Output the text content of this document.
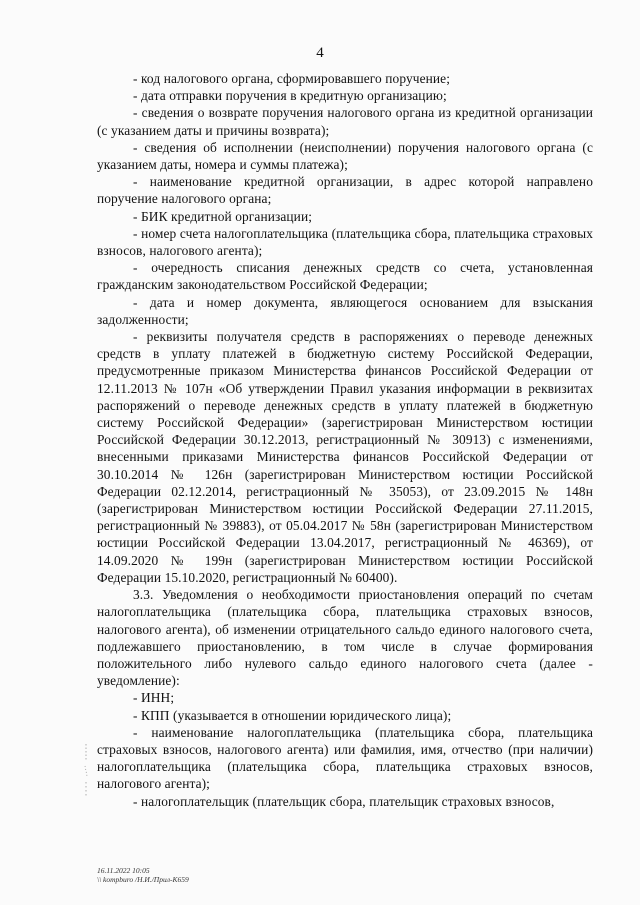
4

- код налогового органа, сформировавшего поручение;

- дата отправки поручения в кредитную организацию;

- сведения о возврате поручения налогового органа из кредитной организации (с указанием даты и причины возврата);

- сведения об исполнении (неисполнении) поручения налогового органа (с указанием даты, номера и суммы платежа);

- наименование кредитной организации, в адрес которой направлено поручение налогового органа;

- БИК кредитной организации;

- номер счета налогоплательщика (плательщика сбора, плательщика страховых взносов, налогового агента);

- очередность списания денежных средств со счета, установленная гражданским законодательством Российской Федерации;

- дата и номер документа, являющегося основанием для взыскания задолженности;

- реквизиты получателя средств в распоряжениях о переводе денежных средств в уплату платежей в бюджетную систему Российской Федерации, предусмотренные приказом Министерства финансов Российской Федерации от 12.11.2013 № 107н «Об утверждении Правил указания информации в реквизитах распоряжений о переводе денежных средств в уплату платежей в бюджетную систему Российской Федерации» (зарегистрирован Министерством юстиции Российской Федерации 30.12.2013, регистрационный № 30913) с изменениями, внесенными приказами Министерства финансов Российской Федерации от 30.10.2014 № 126н (зарегистрирован Министерством юстиции Российской Федерации 02.12.2014, регистрационный № 35053), от 23.09.2015 № 148н (зарегистрирован Министерством юстиции Российской Федерации 27.11.2015, регистрационный № 39883), от 05.04.2017 № 58н (зарегистрирован Министерством юстиции Российской Федерации 13.04.2017, регистрационный № 46369), от 14.09.2020 № 199н (зарегистрирован Министерством юстиции Российской Федерации 15.10.2020, регистрационный № 60400).

3.3. Уведомления о необходимости приостановления операций по счетам налогоплательщика (плательщика сбора, плательщика страховых взносов, налогового агента), об изменении отрицательного сальдо единого налогового счета, подлежавшего приостановлению, в том числе в случае формирования положительного либо нулевого сальдо единого налогового счета (далее - уведомление):

- ИНН;

- КПП (указывается в отношении юридического лица);

- наименование налогоплательщика (плательщика сбора, плательщика страховых взносов, налогового агента) или фамилия, имя, отчество (при наличии) налогоплательщика (плательщика сбора, плательщика страховых взносов, налогового агента);

- налогоплательщик (плательщик сбора, плательщик страховых взносов,

16.11.2022 10:05
\\ kompburo /Н.И./Прил-К659
